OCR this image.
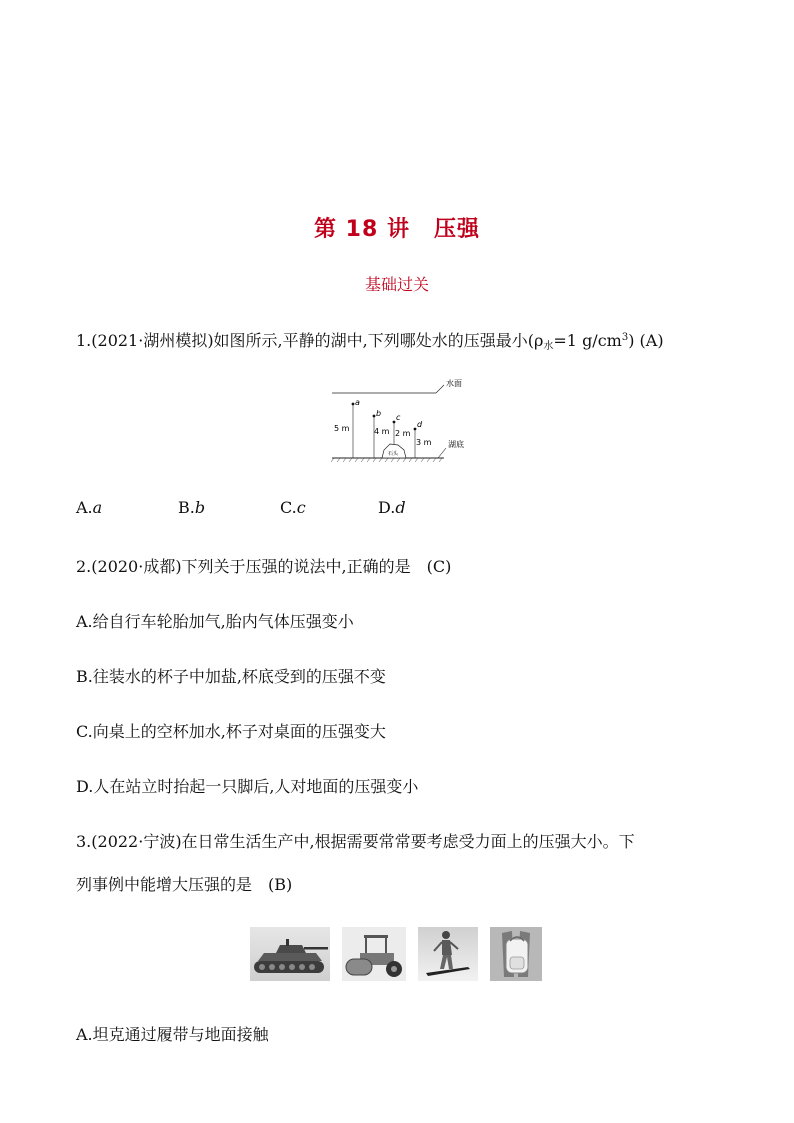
第 18 讲 压强
基础过关
1.(2021·湖州模拟)如图所示,平静的湖中,下列哪处水的压强最小($\rho_水=1$ $g/cm^3$) (A)
水面
湖底
石头
a
5 m
b
4 m
c
2 m
d
3 m
A.a	B.b	C.c	D.d
2.(2020·成都)下列关于压强的说法中,正确的是　(C)
A.给自行车轮胎加气,胎内气体压强变小
B.往装水的杯子中加盐,杯底受到的压强不变
C.向桌上的空杯加水,杯子对桌面的压强变大
D.人在站立时抬起一只脚后,人对地面的压强变小
3.(2022·宁波)在日常生活生产中,根据需要常常要考虑受力面上的压强大小。下
列事例中能增大压强的是　(B)
A.坦克通过履带与地面接触
